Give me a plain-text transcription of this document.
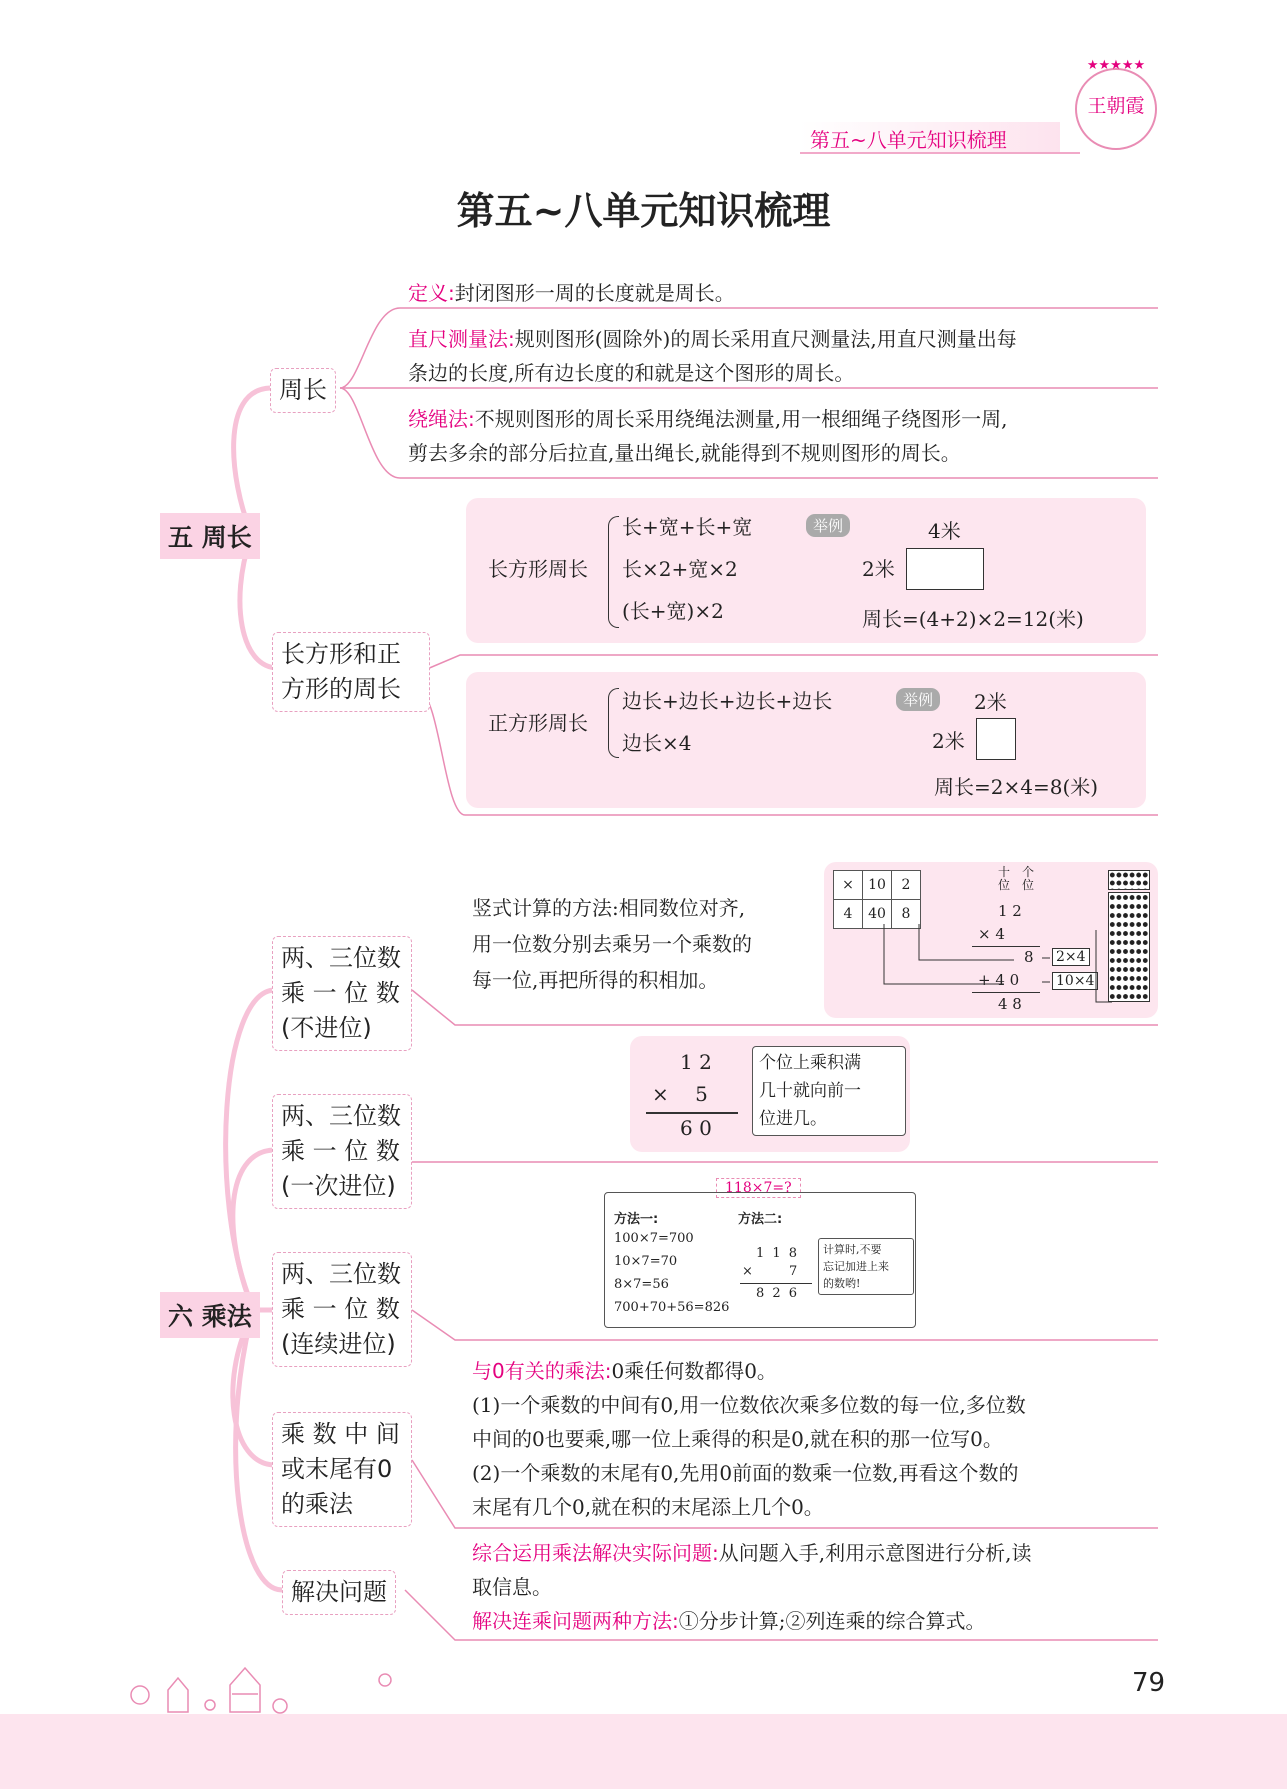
第五~八单元知识梳理
★★★★★
王朝霞
第五~八单元知识梳理
五 周长
周长
定义:封闭图形一周的长度就是周长。
直尺测量法:规则图形(圆除外)的周长采用直尺测量法,用直尺测量出每
条边的长度,所有边长度的和就是这个图形的周长。
绕绳法:不规则图形的周长采用绕绳法测量,用一根细绳子绕图形一周,
剪去多余的部分后拉直,量出绳长,就能得到不规则图形的周长。
长方形和正方形的周长
长方形周长
长+宽+长+宽
长×2+宽×2
(长+宽)×2
举例	4米
2米
周长=(4+2)×2=12(米)
正方形周长
边长+边长+边长+边长
边长×4
举例	2米
2米
周长=2×4=8(米)
六 乘法
两、三位数
乘 一 位 数
(不进位)
两、三位数
乘 一 位 数
(一次进位)
两、三位数
乘 一 位 数
(连续进位)
乘 数 中 间
或末尾有0
的乘法
解决问题
竖式计算的方法:相同数位对齐,
用一位数分别去乘另一个乘数的
每一位,再把所得的积相加。
×	10	2
4	40	8
十位
个位
1 2
× 4
8
+ 4 0
4 8
2×4
10×4
1 2
× 5
6 0
个位上乘积满
几十就向前一
位进几。
118×7=?
方法一:
100×7=700
10×7=70
8×7=56
700+70+56=826
方法二:
1 1 8
× 7
8 2 6
计算时,不要
忘记加进上来
的数哟!
与0有关的乘法:0乘任何数都得0。
(1)一个乘数的中间有0,用一位数依次乘多位数的每一位,多位数
中间的0也要乘,哪一位上乘得的积是0,就在积的那一位写0。
(2)一个乘数的末尾有0,先用0前面的数乘一位数,再看这个数的
末尾有几个0,就在积的末尾添上几个0。
综合运用乘法解决实际问题:从问题入手,利用示意图进行分析,读
取信息。
解决连乘问题两种方法:①分步计算;②列连乘的综合算式。
79
